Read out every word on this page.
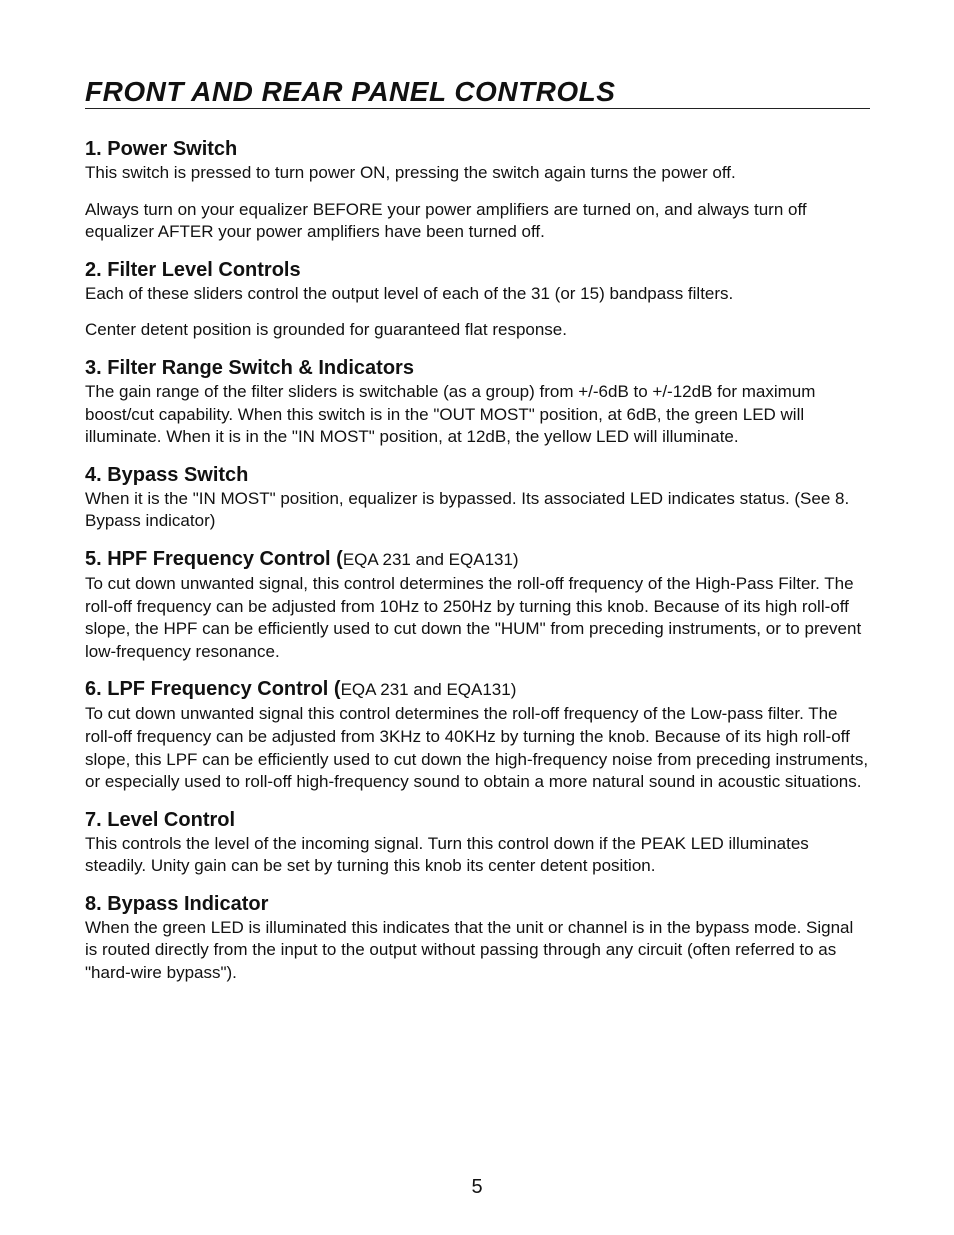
FRONT AND REAR PANEL CONTROLS
1. Power Switch

This switch is pressed to turn power ON, pressing the switch again turns the power off.

Always turn on your equalizer BEFORE your power amplifiers are turned on, and always turn off equalizer AFTER your power amplifiers have been turned off.

2. Filter Level Controls

Each of these sliders control the output level of each of the 31 (or 15) bandpass filters.

Center detent position is grounded for guaranteed flat response.

3. Filter Range Switch & Indicators

The gain range of the filter sliders is switchable (as a group) from +/-6dB to +/-12dB for maximum boost/cut capability. When this switch is in the "OUT MOST" position, at 6dB, the green LED will illuminate. When it is in the "IN MOST" position, at 12dB, the yellow LED will illuminate.

4. Bypass Switch

When it is the "IN MOST" position, equalizer is bypassed. Its associated LED indicates status. (See 8. Bypass indicator)

5. HPF Frequency Control (EQA 231 and EQA131)

To cut down unwanted signal, this control determines the roll-off frequency of the High-Pass Filter. The roll-off frequency can be adjusted from 10Hz to 250Hz by turning this knob. Because of its high roll-off slope, the HPF can be efficiently used to cut down the "HUM" from preceding instruments, or to prevent low-frequency resonance.

6. LPF Frequency Control (EQA 231 and EQA131)

To cut down unwanted signal this control determines the roll-off frequency of the Low-pass filter. The roll-off frequency can be adjusted from 3KHz to 40KHz by turning the knob. Because of its high roll-off slope, this LPF can be efficiently used to cut down the high-frequency noise from preceding instruments, or especially used to roll-off high-frequency sound to obtain a more natural sound in acoustic situations.

7. Level Control

This controls the level of the incoming signal. Turn this control down if the PEAK LED illuminates steadily. Unity gain can be set by turning this knob its center detent position.

8. Bypass Indicator

When the green LED is illuminated this indicates that the unit or channel is in the bypass mode. Signal is routed directly from the input to the output without passing through any circuit (often referred to as "hard-wire bypass").

5
